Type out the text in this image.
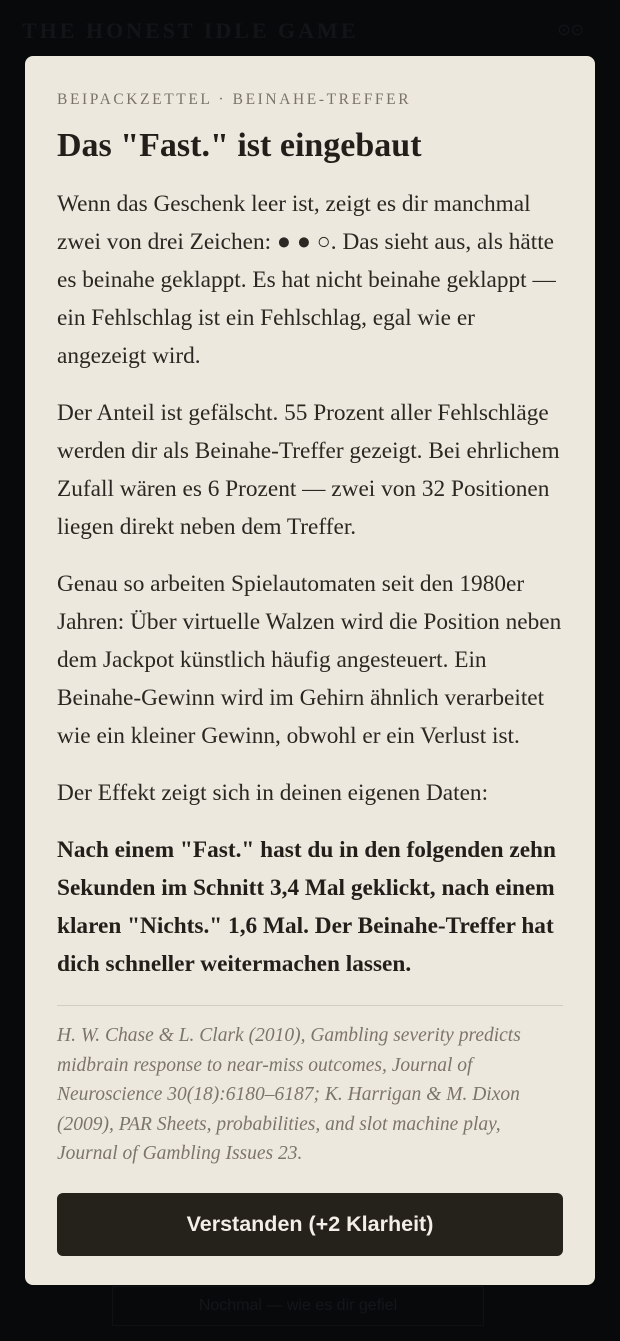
THE HONEST IDLE GAME	⊙⊙
Nochmal — wie es dir gefiel

BEIPACKZETTEL · BEINAHE-TREFFER

Das "Fast." ist eingebaut

Wenn das Geschenk leer ist, zeigt es dir manchmal zwei von drei Zeichen: ● ● ○. Das sieht aus, als hätte es beinahe geklappt. Es hat nicht beinahe geklappt — ein Fehlschlag ist ein Fehlschlag, egal wie er angezeigt wird.

Der Anteil ist gefälscht. 55 Prozent aller Fehlschläge werden dir als Beinahe-Treffer gezeigt. Bei ehrlichem Zufall wären es 6 Prozent — zwei von 32 Positionen liegen direkt neben dem Treffer.

Genau so arbeiten Spielautomaten seit den 1980er Jahren: Über virtuelle Walzen wird die Position neben dem Jackpot künstlich häufig angesteuert. Ein Beinahe-Gewinn wird im Gehirn ähnlich verarbeitet wie ein kleiner Gewinn, obwohl er ein Verlust ist.

Der Effekt zeigt sich in deinen eigenen Daten:

Nach einem "Fast." hast du in den folgenden zehn Sekunden im Schnitt 3,4 Mal geklickt, nach einem klaren "Nichts." 1,6 Mal. Der Beinahe-Treffer hat dich schneller weitermachen lassen.

H. W. Chase & L. Clark (2010), Gambling severity predicts midbrain response to near-miss outcomes, Journal of Neuroscience 30(18):6180–6187; K. Harrigan & M. Dixon (2009), PAR Sheets, probabilities, and slot machine play, Journal of Gambling Issues 23.

Verstanden (+2 Klarheit)
